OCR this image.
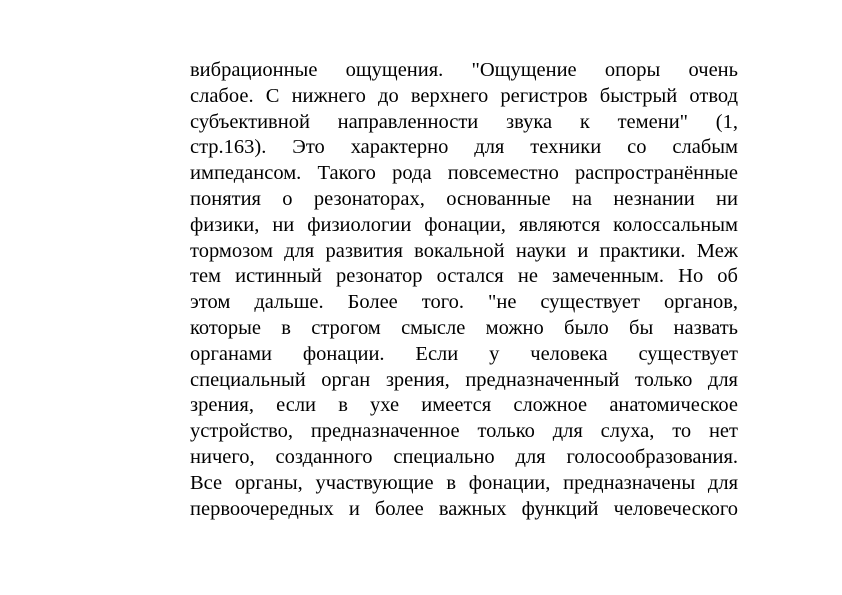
вибрационные ощущения. "Ощущение опоры очень
слабое. С нижнего до верхнего регистров быстрый отвод
субъективной направленности звука к темени" (1,
стр.163). Это характерно для техники со слабым
импедансом. Такого рода повсеместно распространённые
понятия о резонаторах, основанные на незнании ни
физики, ни физиологии фонации, являются колоссальным
тормозом для развития вокальной науки и практики. Меж
тем истинный резонатор остался не замеченным. Но об
этом дальше. Более того. "не существует органов,
которые в строгом смысле можно было бы назвать
органами фонации. Если у человека существует
специальный орган зрения, предназначенный только для
зрения, если в ухе имеется сложное анатомическое
устройство, предназначенное только для слуха, то нет
ничего, созданного специально для голосообразования.
Все органы, участвующие в фонации, предназначены для
первоочередных и более важных функций человеческого
